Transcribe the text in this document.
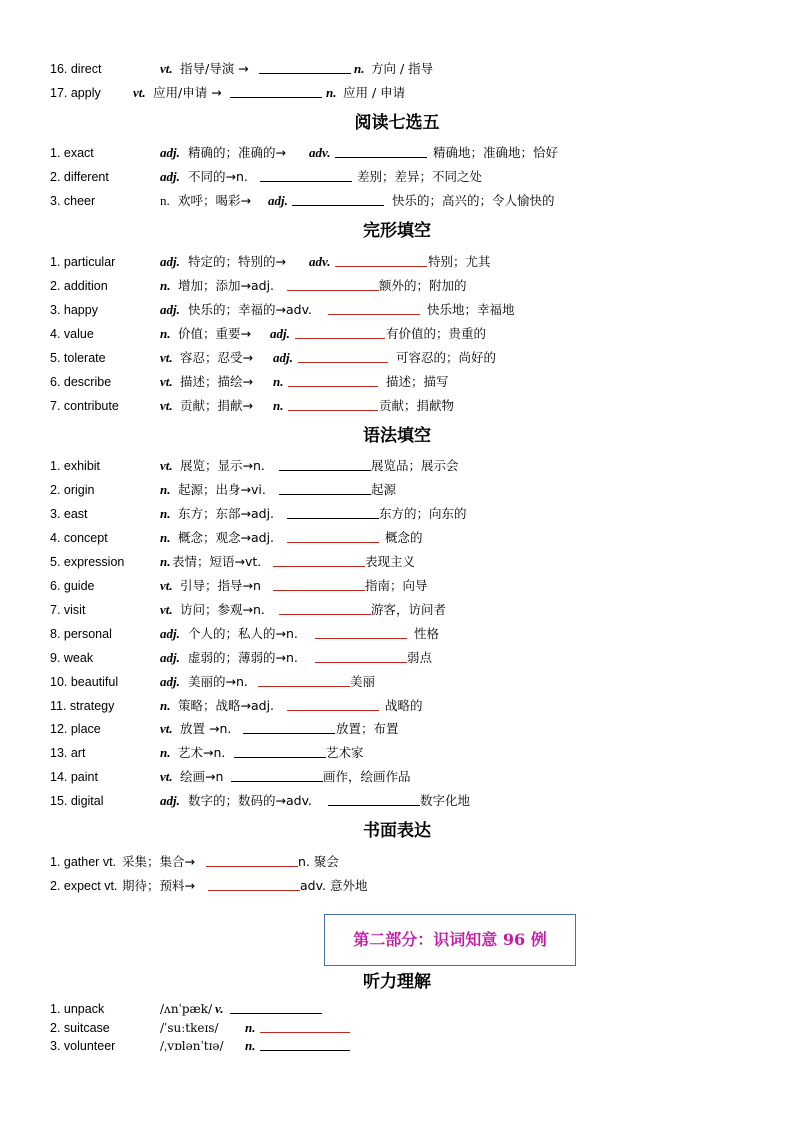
16. direct	vt. 指导/导演 →	n. 方向 / 指导
17. apply vt. 应用/申请 →	n. 应用 / 申请
阅读七选五
1. exact	adj. 精确的；准确的→ adv.	精确地；准确地；恰好
2. different	adj. 不同的→n.	差别；差异；不同之处
3. cheer	n. 欢呼；喝彩→ adj.	快乐的；高兴的；令人愉快的
完形填空
1. particular	adj. 特定的；特别的→ adv.	特别；尤其
2. addition	n. 增加；添加→adj.	额外的；附加的
3. happy	adj. 快乐的；幸福的→adv.	快乐地；幸福地
4. value	n. 价值；重要→ adj.	有价值的；贵重的
5. tolerate	vt. 容忍；忍受→ adj.	可容忍的；尚好的
6. describe	vt. 描述；描绘→ n.	描述；描写
7. contribute	vt. 贡献；捐献→ n.	贡献；捐献物
语法填空
1. exhibit	vt. 展览；显示→n.	展览品；展示会
2. origin	n. 起源；出身→vi.	起源
3. east	n. 东方；东部→adj.	东方的；向东的
4. concept	n. 概念；观念→adj.	概念的
5. expression	n. 表情；短语→vt.	表现主义
6. guide	vt. 引导；指导→n	指南；向导
7. visit	vt. 访问；参观→n.	游客，访问者
8. personal	adj. 个人的；私人的→n.	性格
9. weak	adj. 虚弱的；薄弱的→n.	弱点
10. beautiful	adj. 美丽的→n.	美丽
11. strategy	n. 策略；战略→adj.	战略的
12. place	vt. 放置 →n.	放置；布置
13. art	n. 艺术→n.	艺术家
14. paint	vt. 绘画→n	画作，绘画作品
15. digital	adj. 数字的；数码的→adv.	数字化地
书面表达
1. gather vt. 采集；集合→	n. 聚会
2. expect vt. 期待；预料→	adv. 意外地
第二部分：识词知意 96 例
听力理解
1. unpack	/ʌnˈpæk/ v.
2. suitcase	/ˈsuːtkeɪs/ n.
3. volunteer	/ˌvɒlənˈtɪə/ n.
